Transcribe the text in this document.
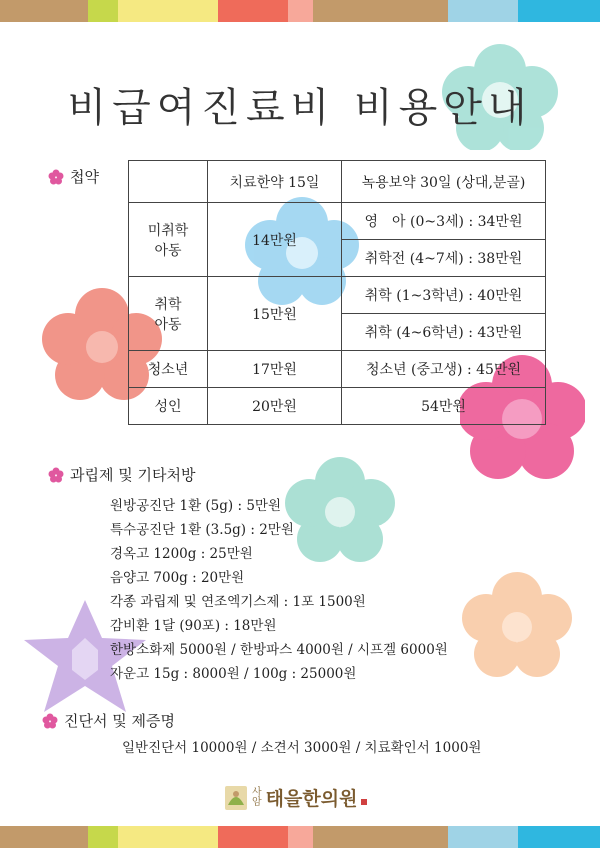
비급여진료비 비용안내
첩약
		치료한약 15일	녹용보약 30일 (상대,분골)
미취학
아동	14만원	영　아 (0~3세) : 34만원
		취학전 (4~7세) : 38만원
취학
아동	15만원	취학 (1~3학년) : 40만원
		취학 (4~6학년) : 43만원
청소년	17만원	청소년 (중고생) : 45만원
성인	20만원	54만원
과립제 및 기타처방
원방공진단 1환 (5g) : 5만원
특수공진단 1환 (3.5g) : 2만원
경옥고 1200g : 25만원
음양고 700g : 20만원
각종 과립제 및 연조엑기스제 : 1포 1500원
감비환 1달 (90포) : 18만원
한방소화제 5000원 / 한방파스 4000원 / 시프겔 6000원
자운고 15g : 8000원 / 100g : 25000원
진단서 및 제증명
일반진단서 10000원 / 소견서 3000원 / 치료확인서 1000원
사
암 태을한의원
